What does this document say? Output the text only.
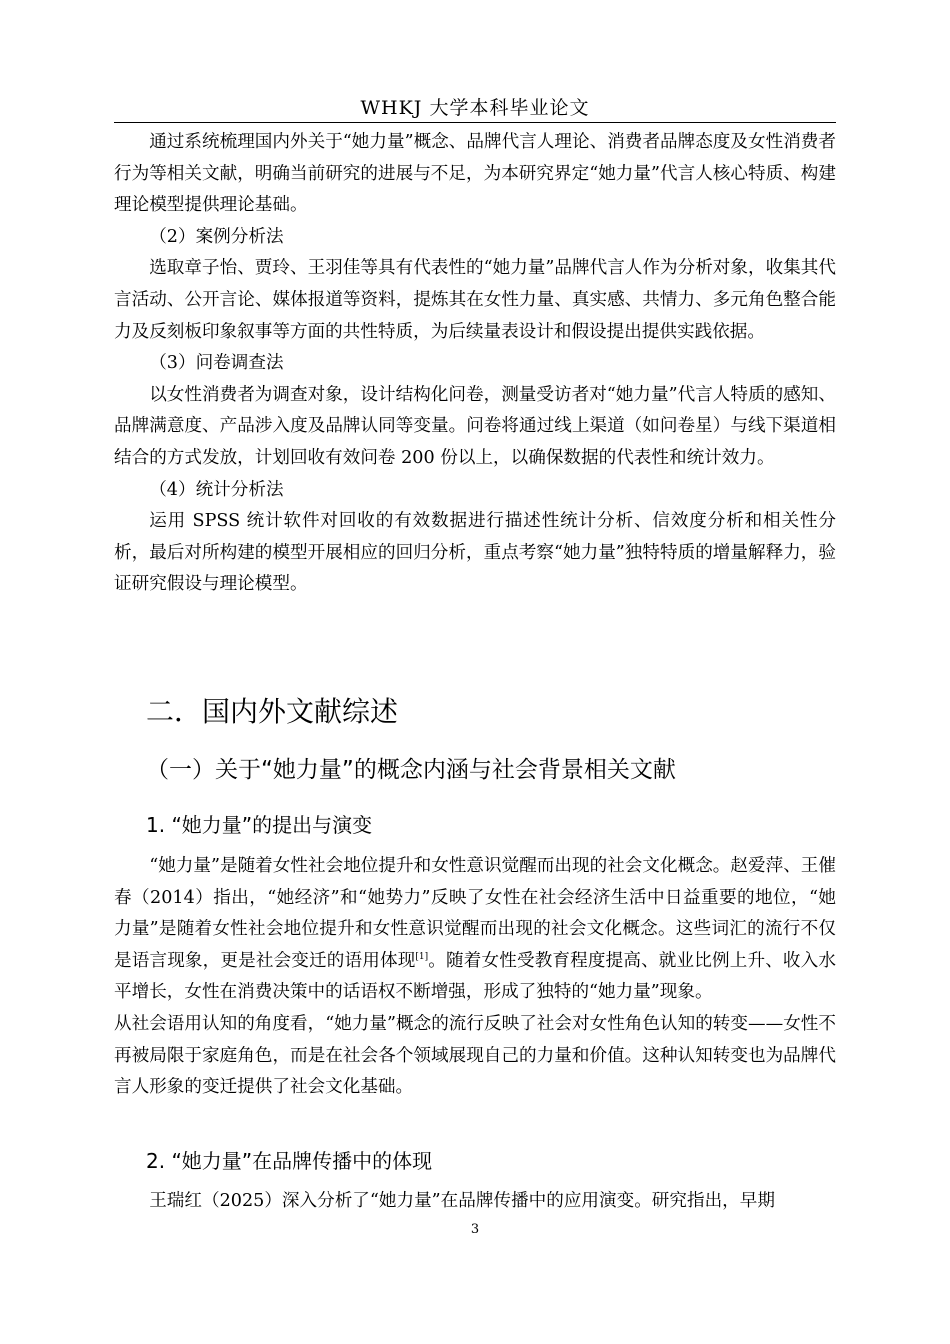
WHKJ 大学本科毕业论文

通过系统梳理国内外关于“她力量”概念、品牌代言人理论、消费者品牌态度及女性消费者行为等相关文献，明确当前研究的进展与不足，为本研究界定“她力量”代言人核心特质、构建理论模型提供理论基础。

（2）案例分析法

选取章子怡、贾玲、王羽佳等具有代表性的“她力量”品牌代言人作为分析对象，收集其代言活动、公开言论、媒体报道等资料，提炼其在女性力量、真实感、共情力、多元角色整合能力及反刻板印象叙事等方面的共性特质，为后续量表设计和假设提出提供实践依据。

（3）问卷调查法

以女性消费者为调查对象，设计结构化问卷，测量受访者对“她力量”代言人特质的感知、品牌满意度、产品涉入度及品牌认同等变量。问卷将通过线上渠道（如问卷星）与线下渠道相结合的方式发放，计划回收有效问卷 200 份以上，以确保数据的代表性和统计效力。

（4）统计分析法

运用 SPSS 统计软件对回收的有效数据进行描述性统计分析、信效度分析和相关性分析，最后对所构建的模型开展相应的回归分析，重点考察“她力量”独特特质的增量解释力，验证研究假设与理论模型。

二．国内外文献综述
（一）关于“她力量”的概念内涵与社会背景相关文献
1. “她力量”的提出与演变

“她力量”是随着女性社会地位提升和女性意识觉醒而出现的社会文化概念。赵爱萍、王催春（2014）指出，“她经济”和“她势力”反映了女性在社会经济生活中日益重要的地位，“她力量”是随着女性社会地位提升和女性意识觉醒而出现的社会文化概念。这些词汇的流行不仅是语言现象，更是社会变迁的语用体现[1]。随着女性受教育程度提高、就业比例上升、收入水平增长，女性在消费决策中的话语权不断增强，形成了独特的“她力量”现象。

从社会语用认知的角度看，“她力量”概念的流行反映了社会对女性角色认知的转变——女性不再被局限于家庭角色，而是在社会各个领域展现自己的力量和价值。这种认知转变也为品牌代言人形象的变迁提供了社会文化基础。

2. “她力量”在品牌传播中的体现

王瑞红（2025）深入分析了“她力量”在品牌传播中的应用演变。研究指出，早期

3
